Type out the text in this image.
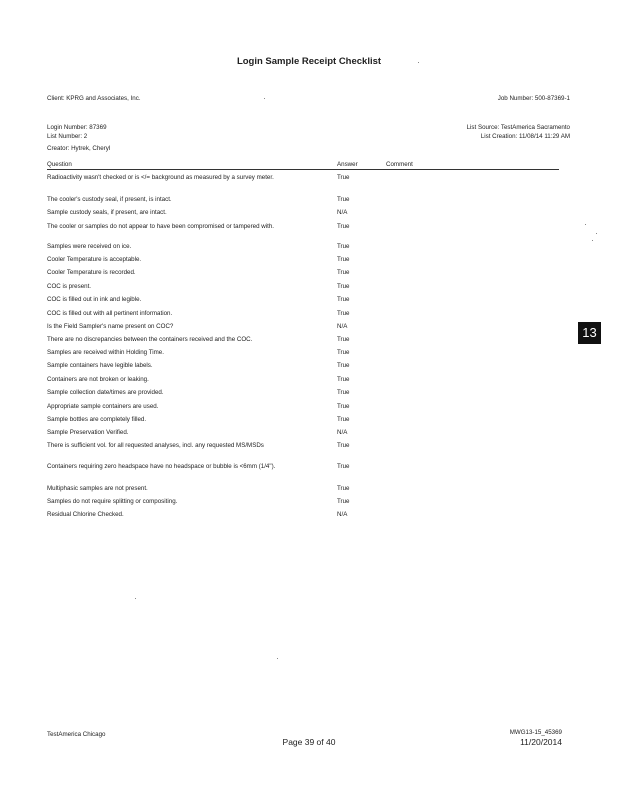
Login Sample Receipt Checklist
Client: KPRG and Associates, Inc.	Job Number: 500-87369-1
Login Number: 87369
List Number: 2
Creator: Hytrek, Cheryl
List Source: TestAmerica Sacramento
List Creation: 11/08/14 11:29 AM
Question	Answer	Comment
Radioactivity wasn't checked or is </= background as measured by a survey meter.	True
The cooler's custody seal, if present, is intact.	True
Sample custody seals, if present, are intact.	N/A
The cooler or samples do not appear to have been compromised or tampered with.	True
Samples were received on ice.	True
Cooler Temperature is acceptable.	True
Cooler Temperature is recorded.	True
COC is present.	True
COC is filled out in ink and legible.	True
COC is filled out with all pertinent information.	True
Is the Field Sampler's name present on COC?	N/A
There are no discrepancies between the containers received and the COC.	True
Samples are received within Holding Time.	True
Sample containers have legible labels.	True
Containers are not broken or leaking.	True
Sample collection date/times are provided.	True
Appropriate sample containers are used.	True
Sample bottles are completely filled.	True
Sample Preservation Verified.	N/A
There is sufficient vol. for all requested analyses, incl. any requested MS/MSDs	True
Containers requiring zero headspace have no headspace or bubble is <6mm (1/4").	True
Multiphasic samples are not present.	True
Samples do not require splitting or compositing.	True
Residual Chlorine Checked.	N/A
13
TestAmerica Chicago
Page 39 of 40
MWG13-15_45369
11/20/2014
